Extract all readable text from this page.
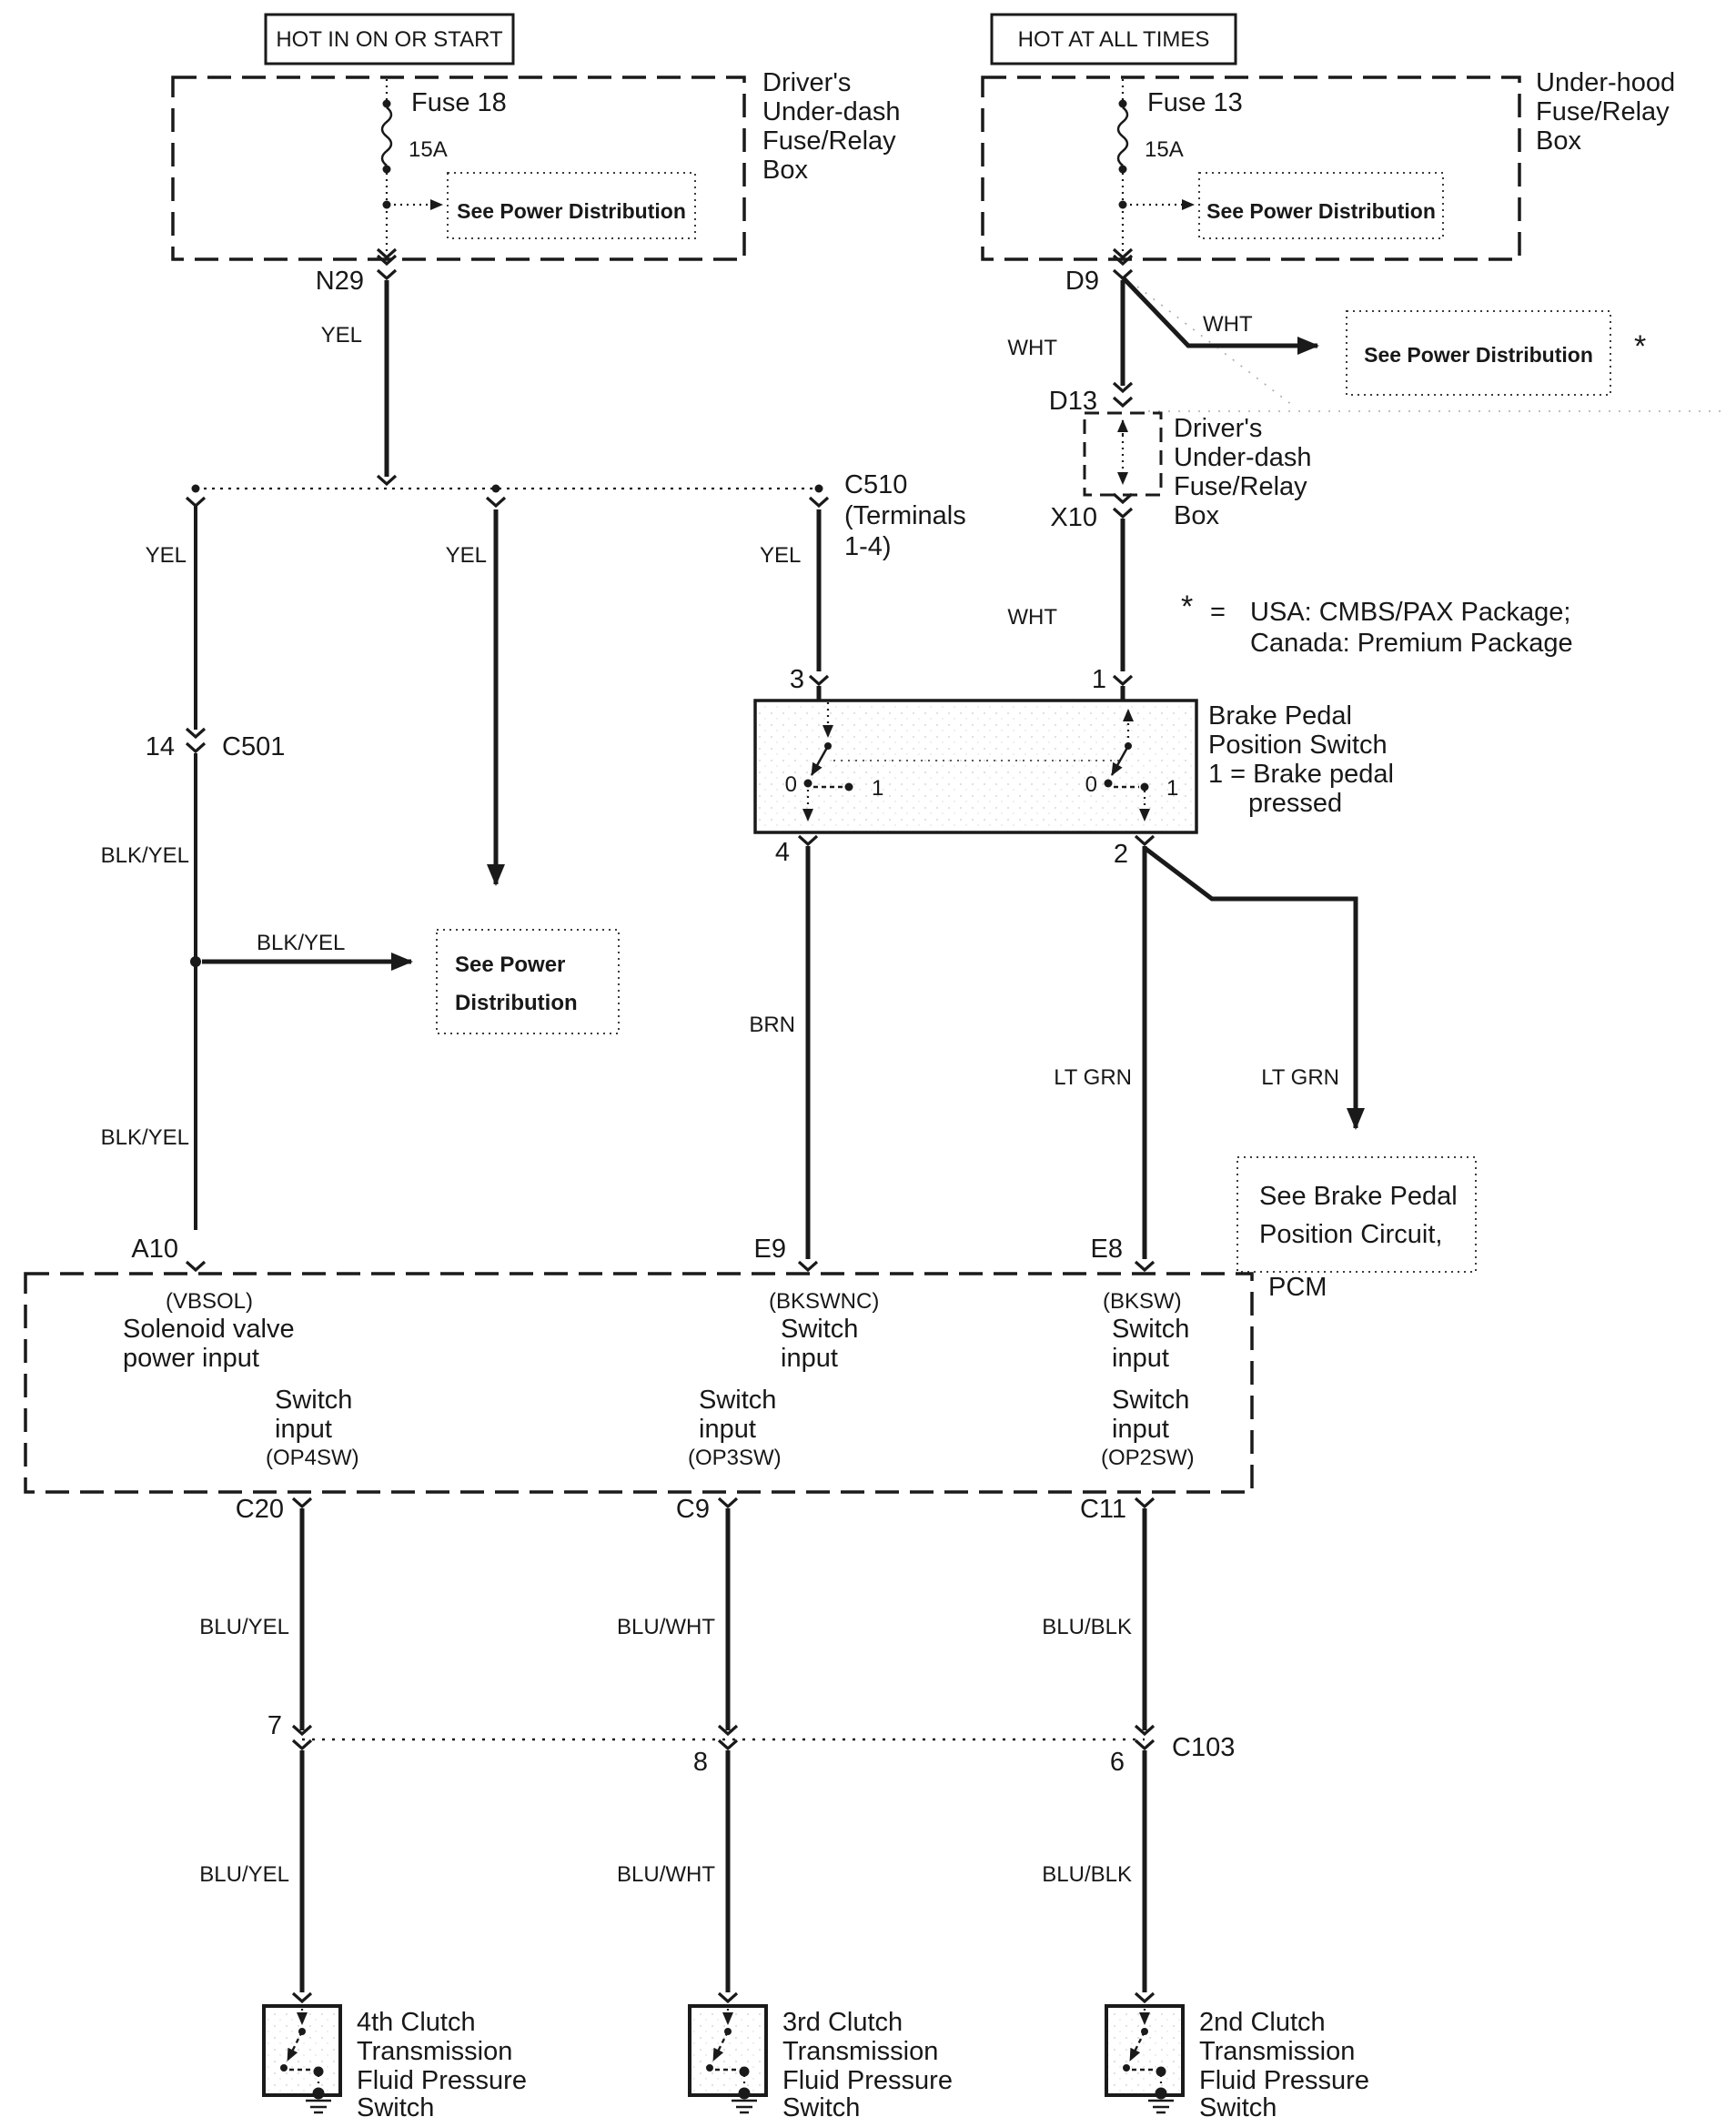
HOT IN ON OR START
Fuse 18
15A
See Power Distribution
Driver's
Under-dash
Fuse/Relay
Box
N29
YEL
C510
(Terminals
1-4)
YEL
14 C501
BLK/YEL
BLK/YEL
See Power
Distribution
BLK/YEL
A10
YEL	YEL
3
HOT AT ALL TIMES
Fuse 13
15A
See Power Distribution
Under-hood
Fuse/Relay
Box
D9
WHT
WHT
See Power Distribution *
D13
Driver's
Under-dash
Fuse/Relay
Box
X10
WHT
1
* = USA: CMBS/PAX Package;
Canada: Premium Package
Brake Pedal
Position Switch
1 = Brake pedal
pressed
0	1	0	1
4
BRN
E9
2
LT GRN
E8
LT GRN
See Brake Pedal
Position Circuit,
PCM
(VBSOL)
Solenoid valve
power input
(BKSWNC)
Switch
input
(BKSW)
Switch
input
Switch
input
(OP4SW)
Switch
input
(OP3SW)
Switch
input
(OP2SW)
C103
C20
BLU/YEL
7
BLU/YEL
4th Clutch
Transmission
Fluid Pressure
Switch
C9
BLU/WHT
8
BLU/WHT
3rd Clutch
Transmission
Fluid Pressure
Switch
C11
BLU/BLK
6
BLU/BLK
2nd Clutch
Transmission
Fluid Pressure
Switch
